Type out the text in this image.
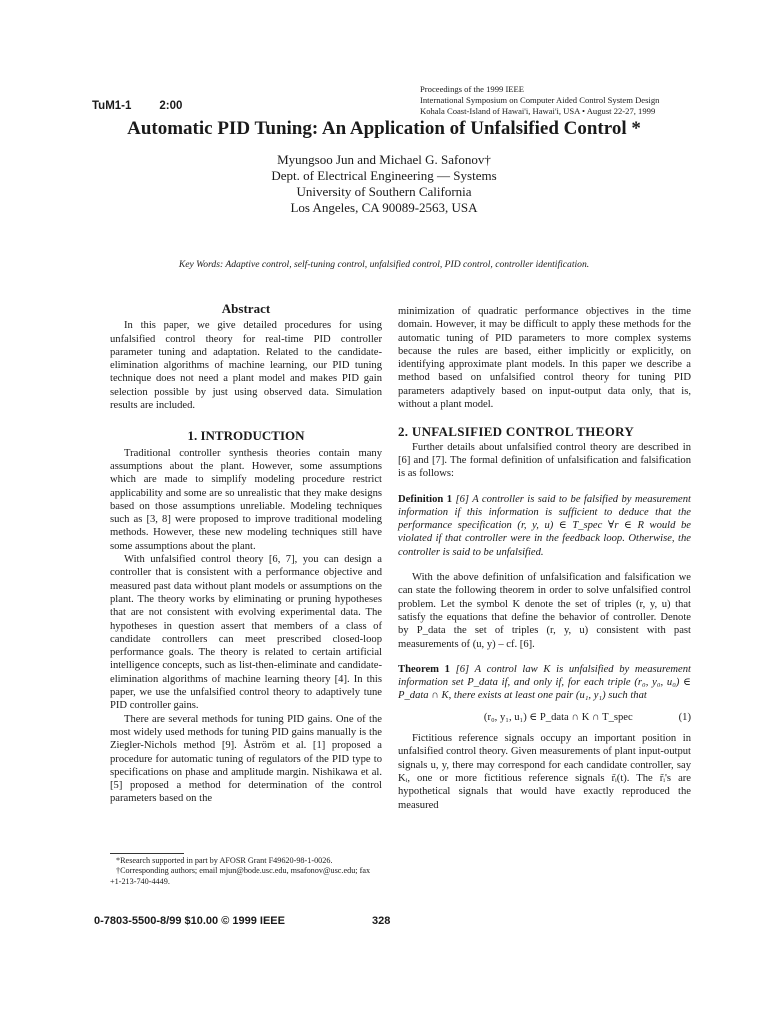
Proceedings of the 1999 IEEE
International Symposium on Computer Aided Control System Design
Kohala Coast-Island of Hawai'i, Hawai'i, USA • August 22-27, 1999
TuM1-1 2:00
Automatic PID Tuning: An Application of Unfalsified Control *
Myungsoo Jun and Michael G. Safonov†
Dept. of Electrical Engineering — Systems
University of Southern California
Los Angeles, CA 90089-2563, USA
Key Words: Adaptive control, self-tuning control, unfalsified control, PID control, controller identification.
Abstract

In this paper, we give detailed procedures for using unfalsified control theory for real-time PID controller parameter tuning and adaptation. Related to the candidate-elimination algorithms of machine learning, our PID tuning technique does not need a plant model and makes PID gain selection possible by just using observed data. Simulation results are included.

1. INTRODUCTION

Traditional controller synthesis theories contain many assumptions about the plant. However, some assumptions which are made to simplify modeling procedure restrict applicability and some are so unrealistic that they make designs based on those assumptions unreliable. Modeling techniques such as [3, 8] were proposed to improve traditional modeling methods. However, these new modeling techniques still have some assumptions about the plant.

With unfalsified control theory [6, 7], you can design a controller that is consistent with a performance objective and measured past data without plant models or assumptions on the plant. The theory works by eliminating or pruning hypotheses that are not consistent with evolving experimental data. The hypotheses in question assert that members of a class of candidate controllers can meet prescribed closed-loop performance goals. The theory is related to certain artificial intelligence concepts, such as list-then-eliminate and candidate-elimination algorithms of machine learning theory [4]. In this paper, we use the unfalsified control theory to adaptively tune PID controller gains.

There are several methods for tuning PID gains. One of the most widely used methods for tuning PID gains manually is the Ziegler-Nichols method [9]. Åström et al. [1] proposed a procedure for automatic tuning of regulators of the PID type to specifications on phase and amplitude margin. Nishikawa et al. [5] proposed a method for determination of the control parameters based on the

*Research supported in part by AFOSR Grant F49620-98-1-0026.
†Corresponding authors; email mjun@bode.usc.edu, msafonov@usc.edu; fax +1-213-740-4449.

minimization of quadratic performance objectives in the time domain. However, it may be difficult to apply these methods for the automatic tuning of PID parameters to more complex systems because the rules are based, either implicitly or explicitly, on identifying approximate plant models. In this paper we describe a method based on unfalsified control theory for tuning PID parameters adaptively based on input-output data only, that is, without a plant model.

2. UNFALSIFIED CONTROL THEORY

Further details about unfalsified control theory are described in [6] and [7]. The formal definition of unfalsification and falsification is as follows:

Definition 1 [6] A controller is said to be falsified by measurement information if this information is sufficient to deduce that the performance specification (r, y, u) ∈ T_spec ∀r ∈ R would be violated if that controller were in the feedback loop. Otherwise, the controller is said to be unfalsified.

With the above definition of unfalsification and falsification we can state the following theorem in order to solve unfalsified control problem. Let the symbol K denote the set of triples (r, y, u) that satisfy the equations that define the behavior of controller. Denote by P_data the set of triples (r, y, u) consistent with past measurements of (u, y) – cf. [6].

Theorem 1 [6] A control law K is unfalsified by measurement information set P_data if, and only if, for each triple (r₀, y₀, u₀) ∈ P_data ∩ K, there exists at least one pair (u₁, y₁) such that

(r₀, y₁, u₁) ∈ P_data ∩ K ∩ T_spec	(1)

Fictitious reference signals occupy an important position in unfalsified control theory. Given measurements of plant input-output signals u, y, there may correspond for each candidate controller, say Kᵢ, one or more fictitious reference signals r̃ᵢ(t). The r̃ᵢ's are hypothetical signals that would have exactly reproduced the measured

0-7803-5500-8/99 $10.00 © 1999 IEEE	328
